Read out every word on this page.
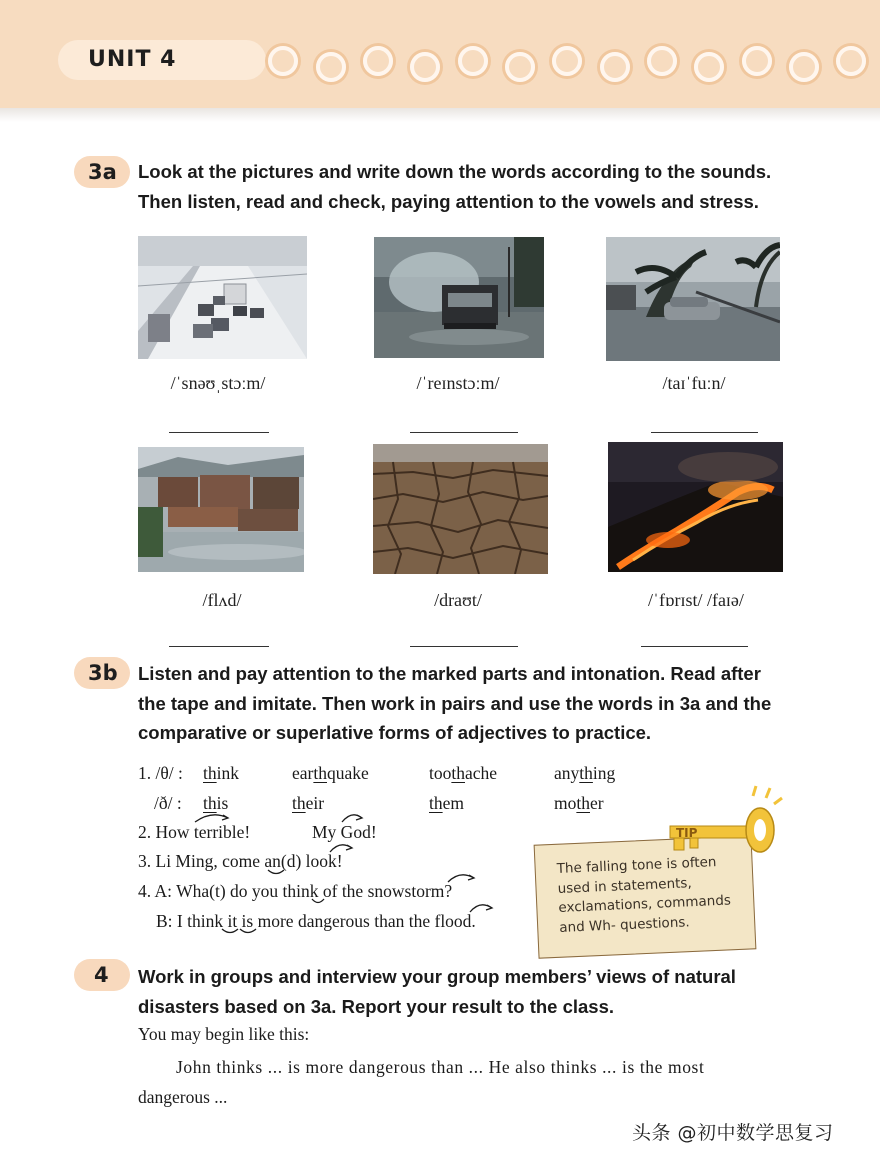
UNIT 4
3a	Look at the pictures and write down the words according to the sounds.
Then listen, read and check, paying attention to the vowels and stress.
/ˈsnəʊˌstɔːm/	/ˈreɪnstɔːm/	/taɪˈfuːn/
/flʌd/	/draʊt/	/ˈfɒrɪst/ /faɪə/
3b	Listen and pay attention to the marked parts and intonation. Read after
the tape and imitate. Then work in pairs and use the words in 3a and the
comparative or superlative forms of adjectives to practice.
1. /θ/ : think	earthquake	toothache	anything
/ð/ : this	their	them	mother
2. How terrible!	My God!
3. Li Ming, come an(d) look!
4. A: Wha(t) do you think of the snowstorm?
B: I think it is more dangerous than the flood.
TIP
The falling tone is often used in statements, exclamations, commands and Wh- questions.
4	Work in groups and interview your group members’ views of natural
disasters based on 3a. Report your result to the class.
You may begin like this:
John thinks ... is more dangerous than ... He also thinks ... is the most
dangerous ...
头条 @初中数学思复习
